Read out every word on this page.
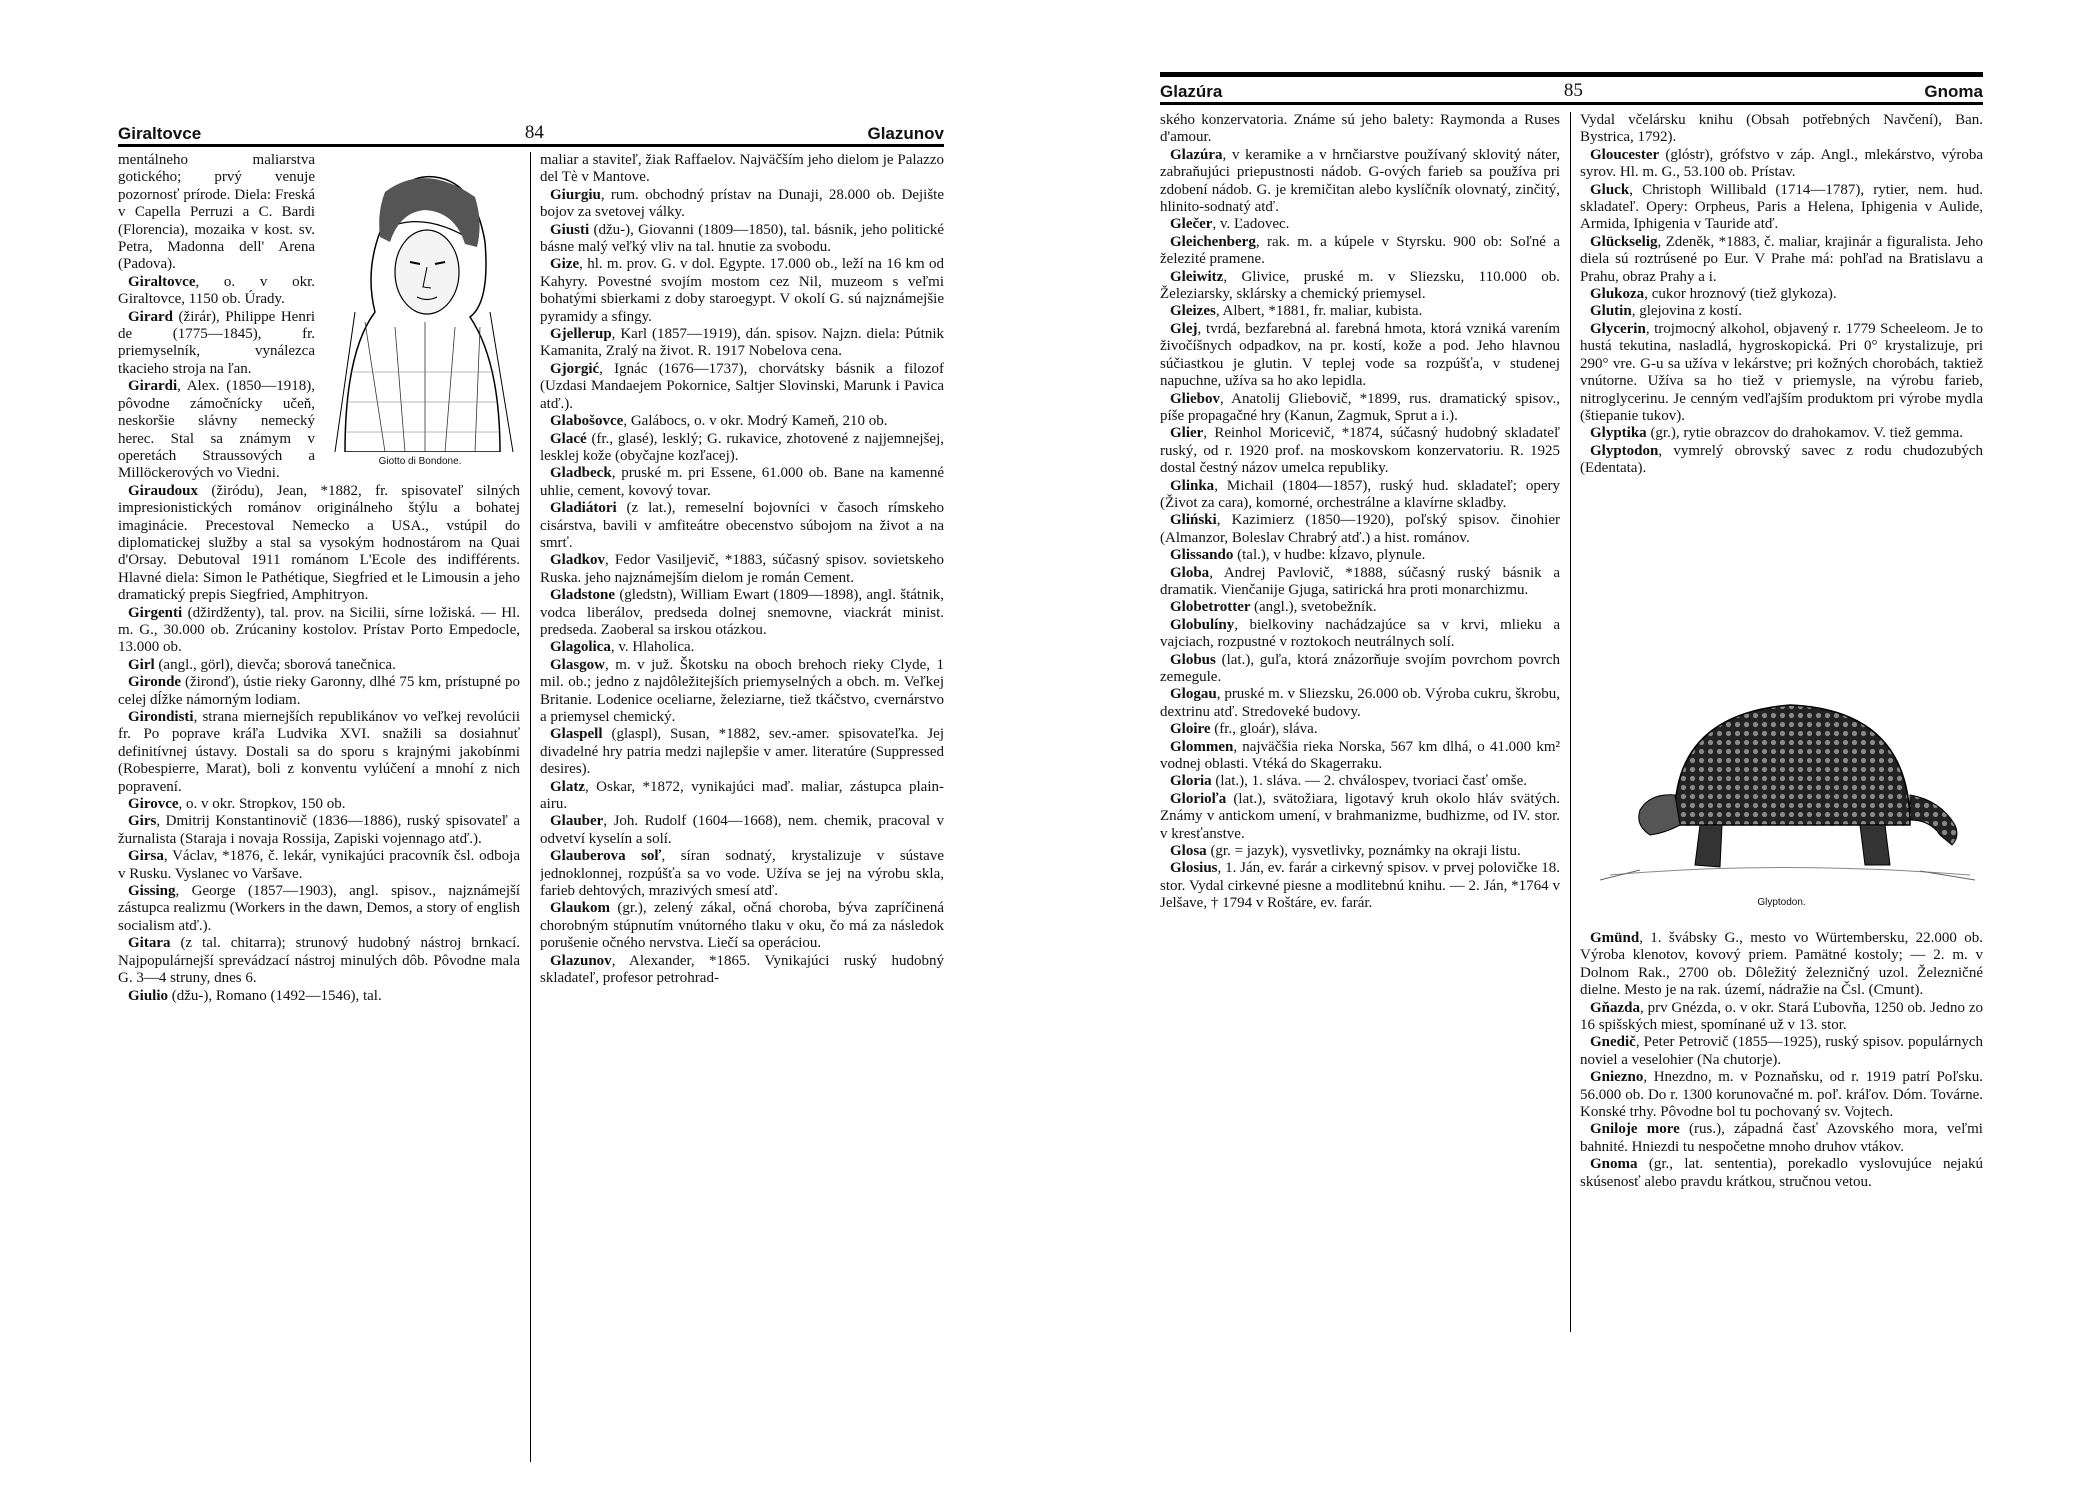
Giraltovce	84	Glazunov
Giotto di Bondone.

mentálneho maliarstva gotického; prvý venuje pozornosť prírode. Diela: Freská v Capella Perruzi a C. Bardi (Florencia), mozaika v kost. sv. Petra, Madonna dell' Arena (Padova).

Giraltovce, o. v okr. Giraltovce, 1150 ob. Úrady.

Girard (žirár), Philippe Henri de (1775—1845), fr. priemyselník, vynálezca tkacieho stroja na ľan.

Girardi, Alex. (1850—1918), pôvodne zámočnícky učeň, neskoršie slávny nemecký herec. Stal sa známym v operetách Straussových a Millöckerových vo Viedni.

Giraudoux (žiródu), Jean, *1882, fr. spisovateľ silných impresionistických románov originálneho štýlu a bohatej imaginácie. Precestoval Nemecko a USA., vstúpil do diplomatickej služby a stal sa vysokým hodnostárom na Quai d'Orsay. Debutoval 1911 románom L'Ecole des indifférents. Hlavné diela: Simon le Pathétique, Siegfried et le Limousin a jeho dramatický prepis Siegfried, Amphitryon.

Girgenti (džirdženty), tal. prov. na Sicilii, sírne ložiská. — Hl. m. G., 30.000 ob. Zrúcaniny kostolov. Prístav Porto Empedocle, 13.000 ob.

Girl (angl., görl), dievča; sborová tanečnica.

Gironde (žironď), ústie rieky Garonny, dlhé 75 km, prístupné po celej dĺžke námorným lodiam.

Girondisti, strana miernejších republikánov vo veľkej revolúcii fr. Po poprave kráľa Ludvika XVI. snažili sa dosiahnuť definitívnej ústavy. Dostali sa do sporu s krajnými jakobínmi (Robespierre, Marat), boli z konventu vylúčení a mnohí z nich popravení.

Girovce, o. v okr. Stropkov, 150 ob.

Girs, Dmitrij Konstantinovič (1836—1886), ruský spisovateľ a žurnalista (Staraja i novaja Rossija, Zapiski vojennago atď.).

Girsa, Václav, *1876, č. lekár, vynikajúci pracovník čsl. odboja v Rusku. Vyslanec vo Varšave.

Gissing, George (1857—1903), angl. spisov., najznámejší zástupca realizmu (Workers in the dawn, Demos, a story of english socialism atď.).

Gitara (z tal. chitarra); strunový hudobný nástroj brnkací. Najpopulárnejší sprevádzací nástroj minulých dôb. Pôvodne mala G. 3—4 struny, dnes 6.

Giulio (džu-), Romano (1492—1546), tal.

maliar a staviteľ, žiak Raffaelov. Najväčším jeho dielom je Palazzo del Tè v Mantove.

Giurgiu, rum. obchodný prístav na Dunaji, 28.000 ob. Dejište bojov za svetovej války.

Giusti (džu-), Giovanni (1809—1850), tal. básnik, jeho politické básne malý veľký vliv na tal. hnutie za svobodu.

Gize, hl. m. prov. G. v dol. Egypte. 17.000 ob., leží na 16 km od Kahyry. Povestné svojím mostom cez Nil, muzeom s veľmi bohatými sbierkami z doby staroegypt. V okolí G. sú najznámejšie pyramidy a sfingy.

Gjellerup, Karl (1857—1919), dán. spisov. Najzn. diela: Pútnik Kamanita, Zralý na život. R. 1917 Nobelova cena.

Gjorgić, Ignác (1676—1737), chorvátsky básnik a filozof (Uzdasi Mandaejem Pokornice, Saltjer Slovinski, Marunk i Pavica atď.).

Glabošovce, Galábocs, o. v okr. Modrý Kameň, 210 ob.

Glacé (fr., glasé), lesklý; G. rukavice, zhotovené z najjemnejšej, lesklej kože (obyčajne kozľacej).

Gladbeck, pruské m. pri Essene, 61.000 ob. Bane na kamenné uhlie, cement, kovový tovar.

Gladiátori (z lat.), remeselní bojovníci v časoch rímskeho cisárstva, bavili v amfiteátre obecenstvo súbojom na život a na smrť.

Gladkov, Fedor Vasiljevič, *1883, súčasný spisov. sovietskeho Ruska. jeho najznámejším dielom je román Cement.

Gladstone (gledstn), William Ewart (1809—1898), angl. štátnik, vodca liberálov, predseda dolnej snemovne, viackrát minist. predseda. Zaoberal sa irskou otázkou.

Glagolica, v. Hlaholica.

Glasgow, m. v juž. Škotsku na oboch brehoch rieky Clyde, 1 mil. ob.; jedno z najdôležitejších priemyselných a obch. m. Veľkej Britanie. Lodenice oceliarne, železiarne, tiež tkáčstvo, cvernárstvo a priemysel chemický.

Glaspell (glaspl), Susan, *1882, sev.-amer. spisovateľka. Jej divadelné hry patria medzi najlepšie v amer. literatúre (Suppressed desires).

Glatz, Oskar, *1872, vynikajúci maď. maliar, zástupca plain-airu.

Glauber, Joh. Rudolf (1604—1668), nem. chemik, pracoval v odvetví kyselín a solí.

Glauberova soľ, síran sodnatý, krystalizuje v sústave jednoklonnej, rozpúšťa sa vo vode. Užíva se jej na výrobu skla, farieb dehtových, mrazivých smesí atď.

Glaukom (gr.), zelený zákal, očná choroba, býva zapríčinená chorobným stúpnutím vnútorného tlaku v oku, čo má za následok porušenie očného nervstva. Liečí sa operáciou.

Glazunov, Alexander, *1865. Vynikajúci ruský hudobný skladateľ, profesor petrohrad-

Glazúra	85	Gnoma

ského konzervatoria. Známe sú jeho balety: Raymonda a Ruses d'amour.

Glazúra, v keramike a v hrnčiarstve používaný sklovitý náter, zabraňujúci priepustnosti nádob. G-ových farieb sa používa pri zdobení nádob. G. je kremičitan alebo kyslíčník olovnatý, zinčitý, hlinito-sodnatý atď.

Glečer, v. Ľadovec.

Gleichenberg, rak. m. a kúpele v Styrsku. 900 ob: Soľné a železité pramene.

Gleiwitz, Glivice, pruské m. v Sliezsku, 110.000 ob. Železiarsky, sklársky a chemický priemysel.

Gleizes, Albert, *1881, fr. maliar, kubista.

Glej, tvrdá, bezfarebná al. farebná hmota, ktorá vzniká varením živočíšnych odpadkov, na pr. kostí, kože a pod. Jeho hlavnou súčiastkou je glutin. V teplej vode sa rozpúšťa, v studenej napuchne, užíva sa ho ako lepidla.

Gliebov, Anatolij Gliebovič, *1899, rus. dramatický spisov., píše propagačné hry (Kanun, Zagmuk, Sprut a i.).

Glier, Reinhol Moricevič, *1874, súčasný hudobný skladateľ ruský, od r. 1920 prof. na moskovskom konzervatoriu. R. 1925 dostal čestný názov umelca republiky.

Glinka, Michail (1804—1857), ruský hud. skladateľ; opery (Život za cara), komorné, orchestrálne a klavírne skladby.

Gliński, Kazimierz (1850—1920), poľský spisov. činohier (Almanzor, Boleslav Chrabrý atď.) a hist. románov.

Glissando (tal.), v hudbe: kĺzavo, plynule.

Globa, Andrej Pavlovič, *1888, súčasný ruský básnik a dramatik. Vienčanije Gjuga, satirická hra proti monarchizmu.

Globetrotter (angl.), svetobežník.

Globulíny, bielkoviny nachádzajúce sa v krvi, mlieku a vajciach, rozpustné v roztokoch neutrálnych solí.

Globus (lat.), guľa, ktorá znázorňuje svojím povrchom povrch zemegule.

Glogau, pruské m. v Sliezsku, 26.000 ob. Výroba cukru, škrobu, dextrinu atď. Stredoveké budovy.

Gloire (fr., gloár), sláva.

Glommen, najväčšia rieka Norska, 567 km dlhá, o 41.000 km² vodnej oblasti. Vtéká do Skagerraku.

Gloria (lat.), 1. sláva. — 2. chválospev, tvoriaci časť omše.

Glorioľa (lat.), svätožiara, ligotavý kruh okolo hláv svätých. Známy v antickom umení, v brahmanizme, budhizme, od IV. stor. v kresťanstve.

Glosa (gr. = jazyk), vysvetlivky, poznámky na okraji listu.

Glosius, 1. Ján, ev. farár a cirkevný spisov. v prvej polovičke 18. stor. Vydal cirkevné piesne a modlitebnú knihu. — 2. Ján, *1764 v Jelšave, † 1794 v Roštáre, ev. farár.

Vydal včelársku knihu (Obsah potřebných Navčení), Ban. Bystrica, 1792).

Gloucester (glóstr), grófstvo v záp. Angl., mlekárstvo, výroba syrov. Hl. m. G., 53.100 ob. Prístav.

Gluck, Christoph Willibald (1714—1787), rytier, nem. hud. skladateľ. Opery: Orpheus, Paris a Helena, Iphigenia v Aulide, Armida, Iphigenia v Tauride atď.

Glückselig, Zdeněk, *1883, č. maliar, krajinár a figuralista. Jeho diela sú roztrúsené po Eur. V Prahe má: pohľad na Bratislavu a Prahu, obraz Prahy a i.

Glukoza, cukor hroznový (tiež glykoza).

Glutin, glejovina z kostí.

Glycerin, trojmocný alkohol, objavený r. 1779 Scheeleom. Je to hustá tekutina, nasladlá, hygroskopická. Pri 0° krystalizuje, pri 290° vre. G-u sa užíva v lekárstve; pri kožných chorobách, taktiež vnútorne. Užíva sa ho tiež v priemysle, na výrobu farieb, nitroglycerinu. Je cenným vedľajším produktom pri výrobe mydla (štiepanie tukov).

Glyptika (gr.), rytie obrazcov do drahokamov. V. tiež gemma.

Glyptodon, vymrelý obrovský savec z rodu chudozubých (Edentata).

Glyptodon.

Gmünd, 1. švábsky G., mesto vo Würtembersku, 22.000 ob. Výroba klenotov, kovový priem. Pamätné kostoly; — 2. m. v Dolnom Rak., 2700 ob. Dôležitý železničný uzol. Železničné dielne. Mesto je na rak. území, nádražie na Čsl. (Cmunt).

Gňazda, prv Gnézda, o. v okr. Stará Ľubovňa, 1250 ob. Jedno zo 16 spišských miest, spomínané už v 13. stor.

Gnedič, Peter Petrovič (1855—1925), ruský spisov. populárnych noviel a veselohier (Na chutorje).

Gniezno, Hnezdno, m. v Poznaňsku, od r. 1919 patrí Poľsku. 56.000 ob. Do r. 1300 korunovačné m. poľ. kráľov. Dóm. Továrne. Konské trhy. Pôvodne bol tu pochovaný sv. Vojtech.

Gniloje more (rus.), západná časť Azovského mora, veľmi bahnité. Hniezdi tu nespočetne mnoho druhov vtákov.

Gnoma (gr., lat. sententia), porekadlo vyslovujúce nejakú skúsenosť alebo pravdu krátkou, stručnou vetou.
